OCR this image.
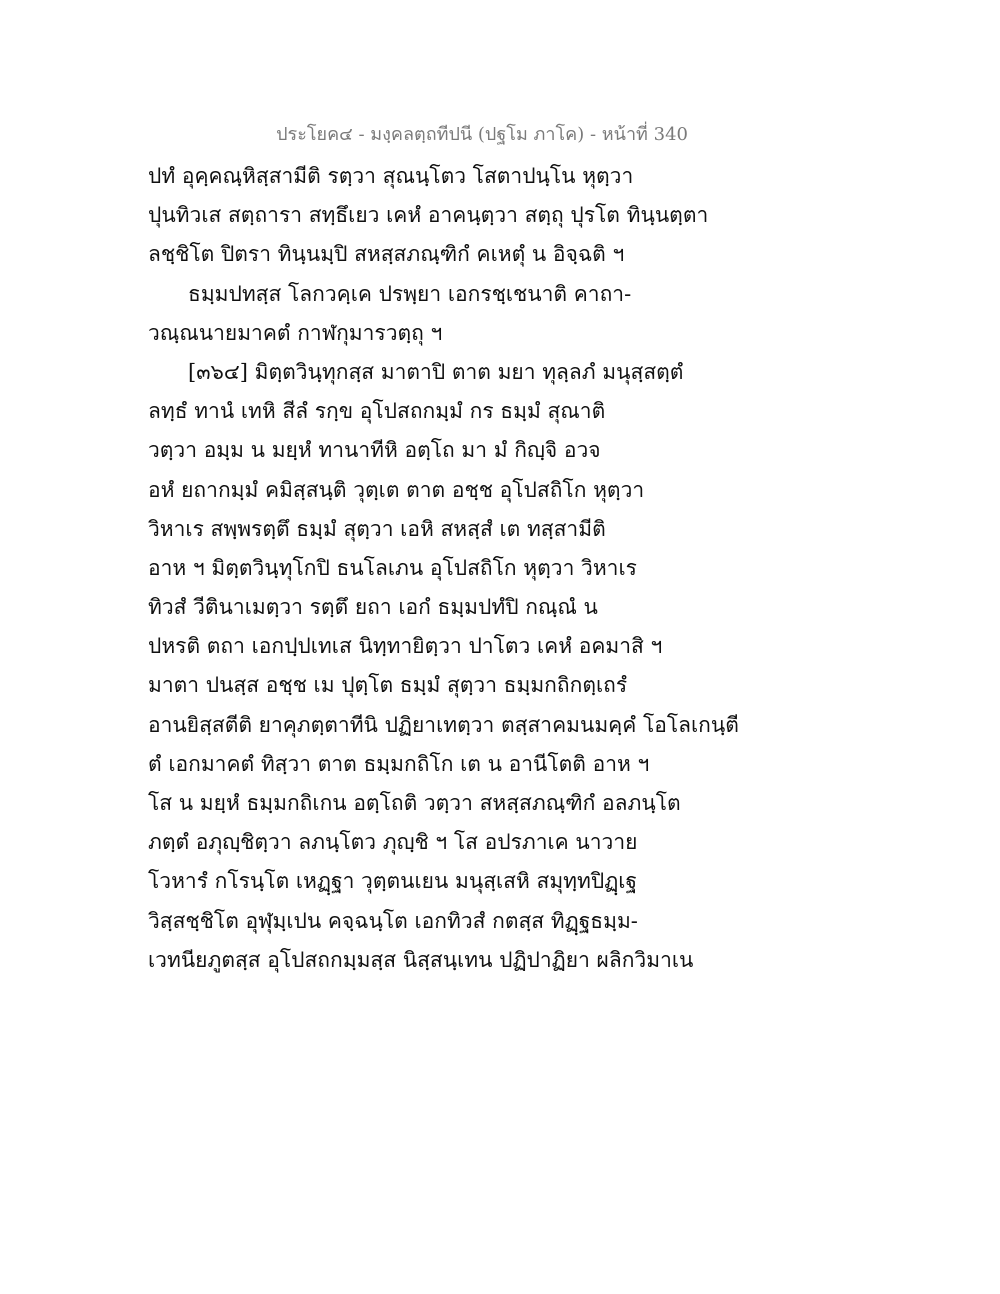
ประโยค๔ - มงฺคลตฺถทีปนี (ปฐโม ภาโค) - หน้าที่ 340
ปทํ อุคฺคณฺหิสฺสามีติ รตฺวา สุณนฺโตว โสตาปนฺโน หุตฺวา
ปุนทิวเส สตฺถารา สทฺธึเยว เคหํ อาคนฺตฺวา สตฺถุ ปุรโต ทินฺนตฺตา
ลชฺชิโต ปิตรา ทินฺนมฺปิ สหสฺสภณฺฑิกํ คเหตุํ น อิจฺฉติ ฯ
ธมฺมปทสฺส โลกวคฺเค ปรพฺยา เอกรชฺเชนาติ คาถา-
วณฺณนายมาคตํ กาฬกุมารวตฺถุ ฯ
[๓๖๔] มิตฺตวินฺทุกสฺส มาตาปิ ตาต มยา ทุลฺลภํ มนุสฺสตฺตํ
ลทฺธํ ทานํ เทหิ สีลํ รกฺข อุโปสถกมฺมํ กร ธมฺมํ สุณาติ
วตฺวา อมฺม น มยฺหํ ทานาทีหิ อตฺโถ มา มํ กิญฺจิ อวจ
อหํ ยถากมฺมํ คมิสฺสนฺติ วุตฺเต ตาต อชฺช อุโปสถิโก หุตฺวา
วิหาเร สพฺพรตฺตึ ธมฺมํ สุตฺวา เอหิ สหสฺสํ เต ทสฺสามีติ
อาห ฯ มิตฺตวินฺทุโกปิ ธนโลเภน อุโปสถิโก หุตฺวา วิหาเร
ทิวสํ วีตินาเมตฺวา รตฺตึ ยถา เอกํ ธมฺมปทํปิ กณฺณํ น
ปหรติ ตถา เอกปฺปเทเส นิทฺทายิตฺวา ปาโตว เคหํ อคมาสิ ฯ
มาตา ปนสฺส อชฺช เม ปุตฺโต ธมฺมํ สุตฺวา ธมฺมกถิกตฺเถรํ
อานยิสฺสตีติ ยาคุภตฺตาทีนิ ปฏิยาเทตฺวา ตสฺสาคมนมคฺคํ โอโลเกนฺตี
ตํ เอกมาคตํ ทิสฺวา ตาต ธมฺมกถิโก เต น อานีโตติ อาห ฯ
โส น มยฺหํ ธมฺมกถิเกน อตฺโถติ วตฺวา สหสฺสภณฺฑิกํ อลภนฺโต
ภตฺตํ อภุญฺชิตฺวา ลภนฺโตว ภุญฺชิ ฯ โส อปรภาเค นาวาย
โวหารํ กโรนฺโต เหฏฺฐา วุตฺตนเยน มนุสฺเสหิ สมุทฺทปิฏฺเฐ
วิสฺสชฺชิโต อุฬุมฺเปน คจฺฉนฺโต เอกทิวสํ กตสฺส ทิฏฺฐธมฺม-
เวทนียภูตสฺส อุโปสถกมฺมสฺส นิสฺสนฺเทน ปฏิปาฏิยา ผลิกวิมาเน
